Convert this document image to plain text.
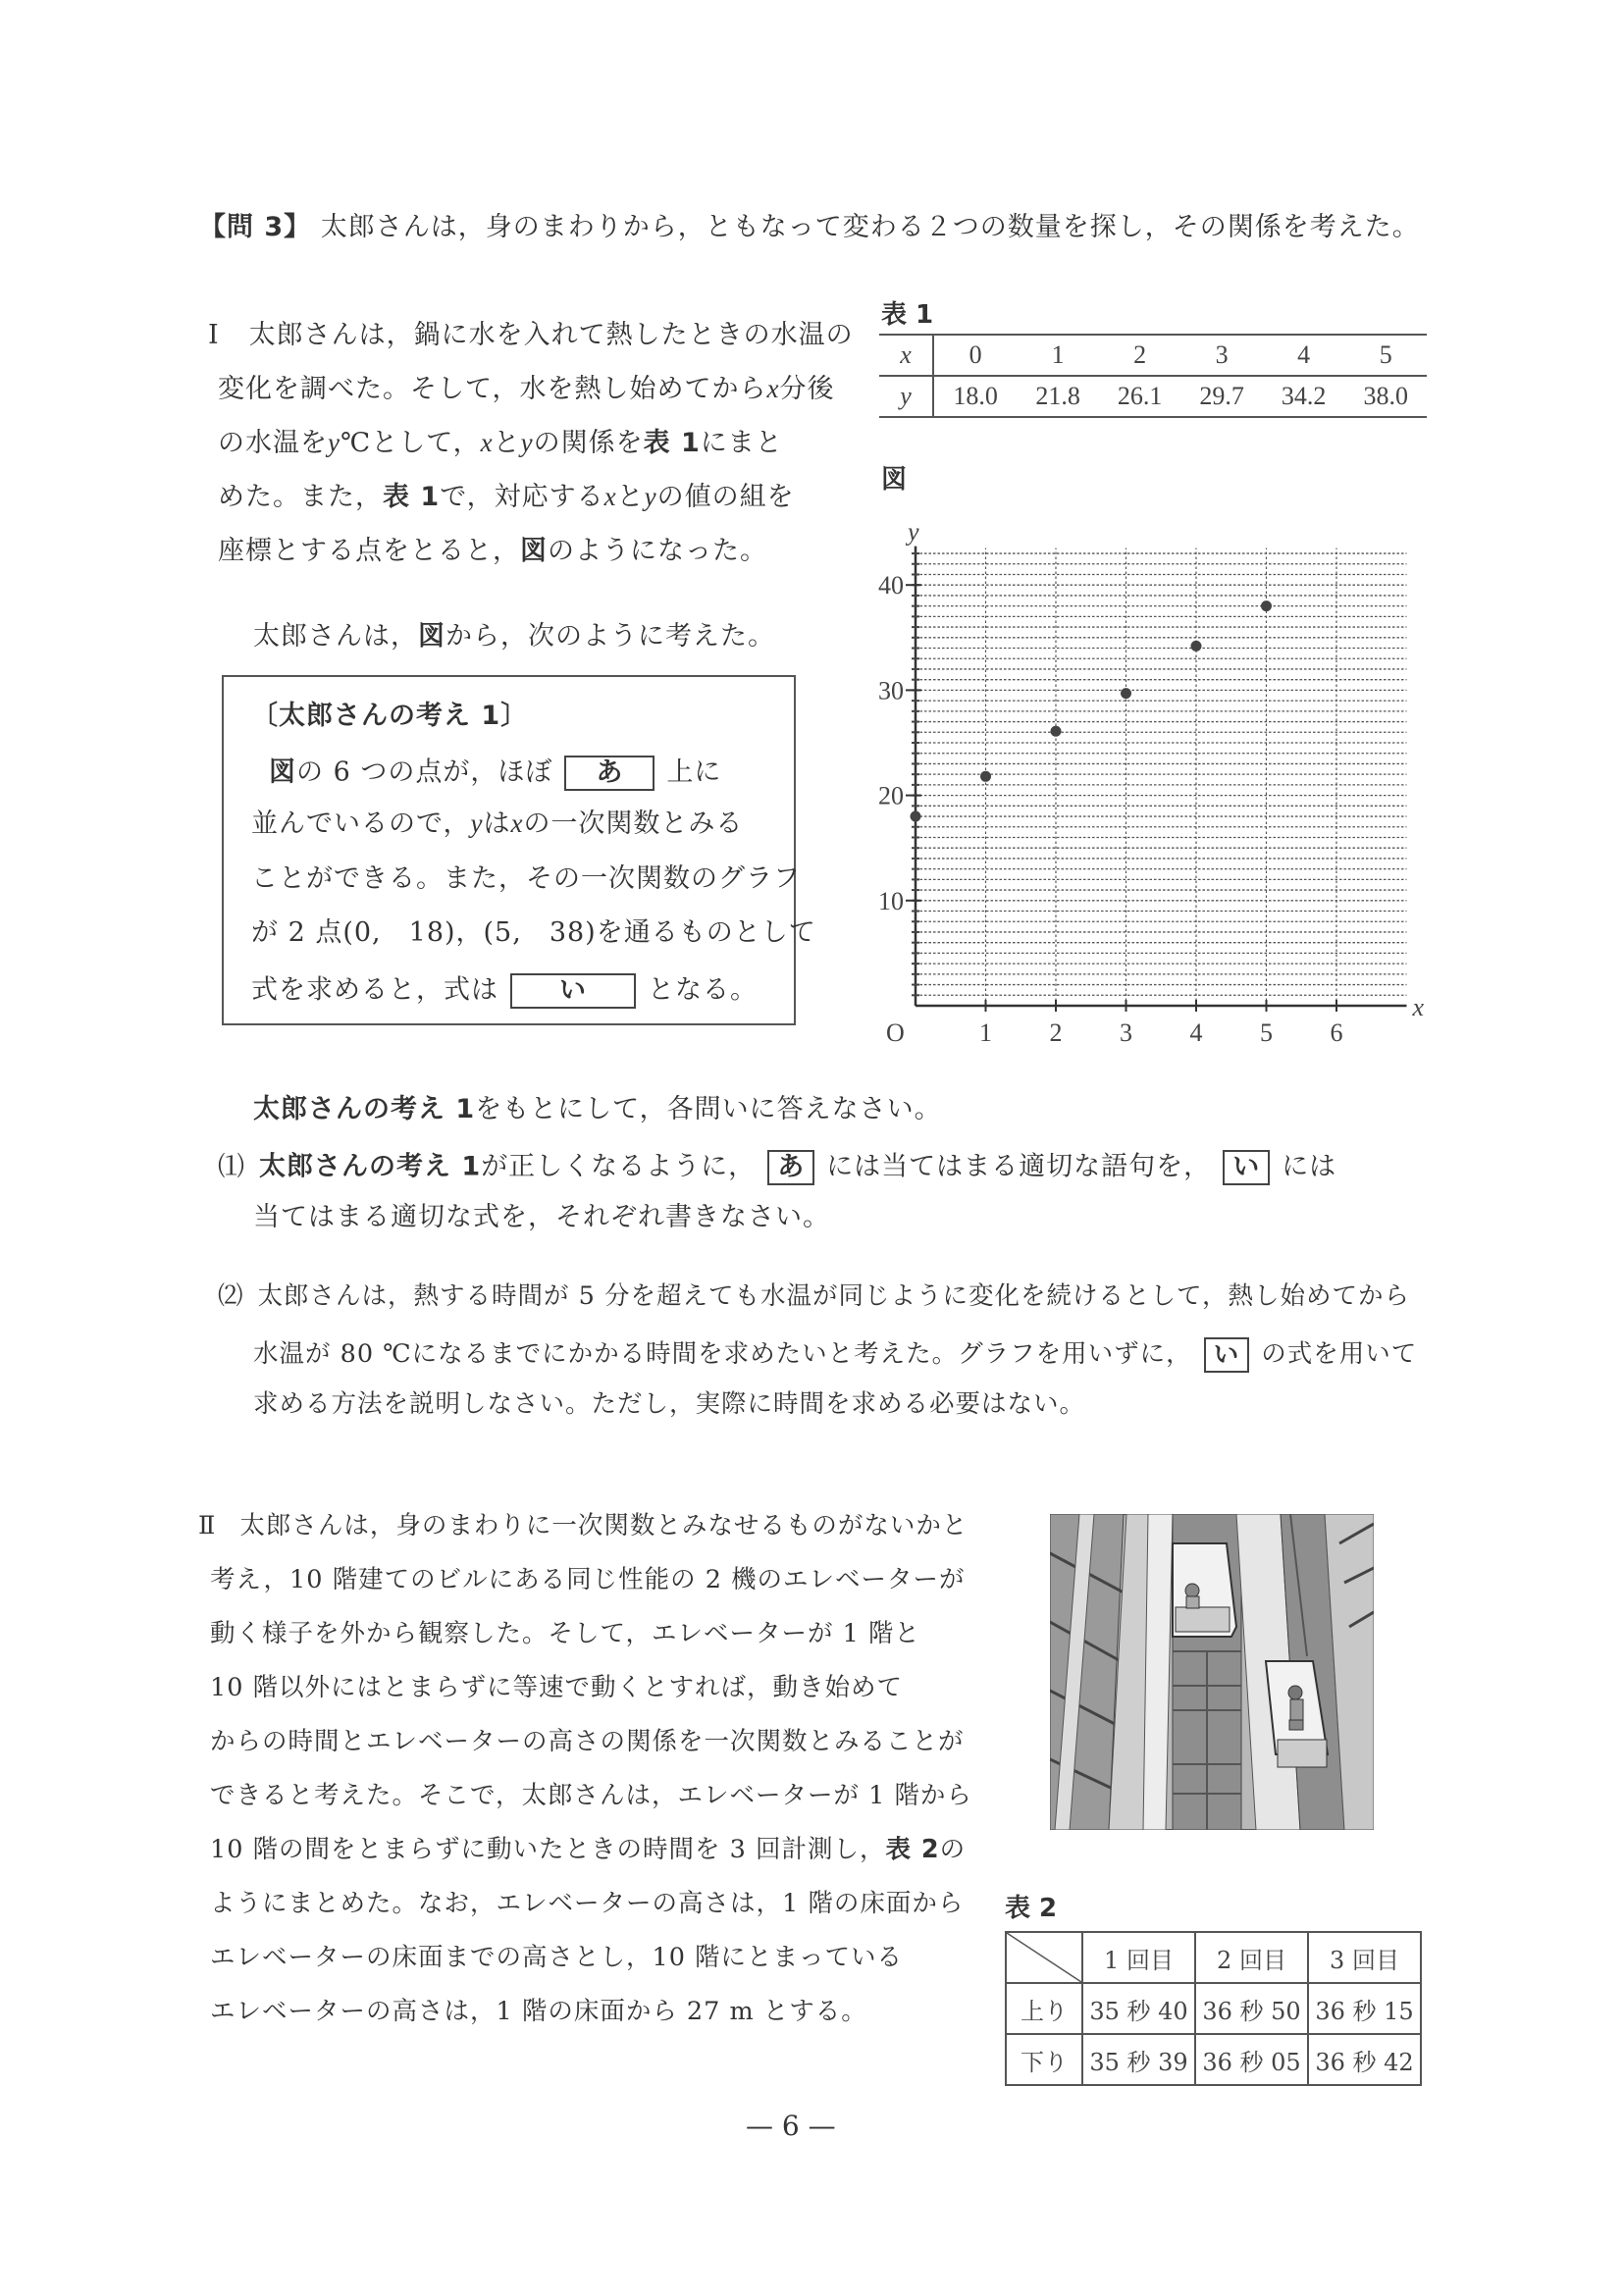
【問 3】 太郎さんは，身のまわりから，ともなって変わる２つの数量を探し，その関係を考えた。
Ⅰ 太郎さんは，鍋に水を入れて熱したときの水温の
変化を調べた。そして，水を熱し始めてからx分後
の水温をy℃として，xとyの関係を表 1にまと
めた。また，表 1で，対応するxとyの値の組を
座標とする点をとると，図のようになった。
太郎さんは，図から，次のように考えた。
〔太郎さんの考え 1〕
図の 6 つの点が，ほぼ あ 上に
並んでいるので，yはxの一次関数とみる
ことができる。また，その一次関数のグラフ
が 2 点(0,　18)，(5,　38)を通るものとして
式を求めると，式は い となる。
表 1
x	0	1	2	3	4	5
y	18.0	21.8	26.1	29.7	34.2	38.0
図
1 2 3 4 5 6
10
20
30
40
y
x
O
太郎さんの考え 1をもとにして，各問いに答えなさい。
⑴ 太郎さんの考え 1が正しくなるように， あ には当てはまる適切な語句を， い には
当てはまる適切な式を，それぞれ書きなさい。
⑵ 太郎さんは，熱する時間が 5 分を超えても水温が同じように変化を続けるとして，熱し始めてから
水温が 80 ℃になるまでにかかる時間を求めたいと考えた。グラフを用いずに， い の式を用いて
求める方法を説明しなさい。ただし，実際に時間を求める必要はない。
Ⅱ 太郎さんは，身のまわりに一次関数とみなせるものがないかと
考え，10 階建てのビルにある同じ性能の 2 機のエレベーターが
動く様子を外から観察した。そして，エレベーターが 1 階と
10 階以外にはとまらずに等速で動くとすれば，動き始めて
からの時間とエレベーターの高さの関係を一次関数とみることが
できると考えた。そこで，太郎さんは，エレベーターが 1 階から
10 階の間をとまらずに動いたときの時間を 3 回計測し，表 2の
ようにまとめた。なお，エレベーターの高さは，1 階の床面から
エレベーターの床面までの高さとし，10 階にとまっている
エレベーターの高さは，1 階の床面から 27 m とする。
表 2
	1 回目	2 回目	3 回目
上り	35 秒 40	36 秒 50	36 秒 15
下り	35 秒 39	36 秒 05	36 秒 42
— 6 —
